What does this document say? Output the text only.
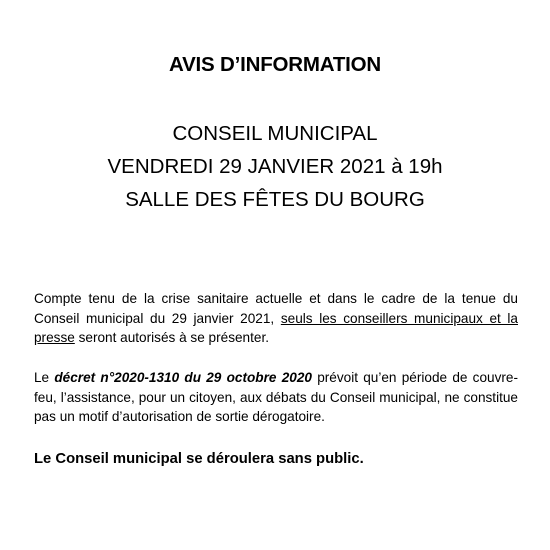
AVIS D’INFORMATION
CONSEIL MUNICIPAL
VENDREDI 29 JANVIER 2021 à 19h
SALLE DES FÊTES DU BOURG

Compte tenu de la crise sanitaire actuelle et dans le cadre de la tenue du Conseil municipal du 29 janvier 2021, seuls les conseillers municipaux et la presse seront autorisés à se présenter.

Le décret n°2020-1310 du 29 octobre 2020 prévoit qu’en période de couvre-feu, l’assistance, pour un citoyen, aux débats du Conseil municipal, ne constitue pas un motif d’autorisation de sortie dérogatoire.

Le Conseil municipal se déroulera sans public.
